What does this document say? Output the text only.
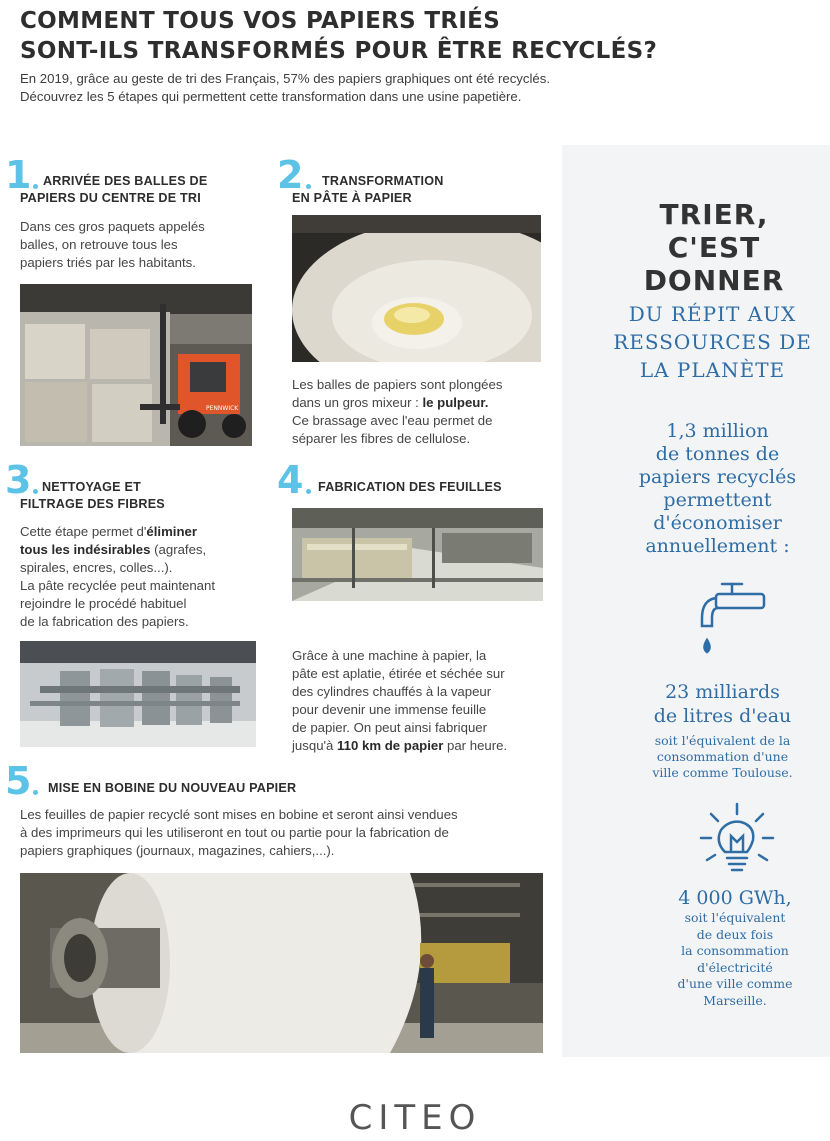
COMMENT TOUS VOS PAPIERS TRIÉS
SONT-ILS TRANSFORMÉS POUR ÊTRE RECYCLÉS?
En 2019, grâce au geste de tri des Français, 57% des papiers graphiques ont été recyclés.
Découvrez les 5 étapes qui permettent cette transformation dans une usine papetière.
1 ARRIVÉE DES BALLES DE
PAPIERS DU CENTRE DE TRI
Dans ces gros paquets appelés
balles, on retrouve tous les
papiers triés par les habitants.
PENNWICK
2	TRANSFORMATION
EN PÂTE À PAPIER
Les balles de papiers sont plongées
dans un gros mixeur : le pulpeur.
Ce brassage avec l'eau permet de
séparer les fibres de cellulose.
3 NETTOYAGE ET
FILTRAGE DES FIBRES
Cette étape permet d'éliminer
tous les indésirables (agrafes,
spirales, encres, colles...).
La pâte recyclée peut maintenant
rejoindre le procédé habituel
de la fabrication des papiers.
4 FABRICATION DES FEUILLES
Grâce à une machine à papier, la
pâte est aplatie, étirée et séchée sur
des cylindres chauffés à la vapeur
pour devenir une immense feuille
de papier. On peut ainsi fabriquer
jusqu'à 110 km de papier par heure.
5 MISE EN BOBINE DU NOUVEAU PAPIER
Les feuilles de papier recyclé sont mises en bobine et seront ainsi vendues
à des imprimeurs qui les utiliseront en tout ou partie pour la fabrication de
papiers graphiques (journaux, magazines, cahiers,...).
TRIER,
C'EST
DONNER
DU RÉPIT AUX
RESSOURCES DE
LA PLANÈTE
1,3 million
de tonnes de
papiers recyclés
permettent
d'économiser
annuellement :
23 milliards
de litres d'eau
soit l'équivalent de la
consommation d'une
ville comme Toulouse.
4 000 GWh,
soit l'équivalent
de deux fois
la consommation
d'électricité
d'une ville comme
Marseille.
CITEO
